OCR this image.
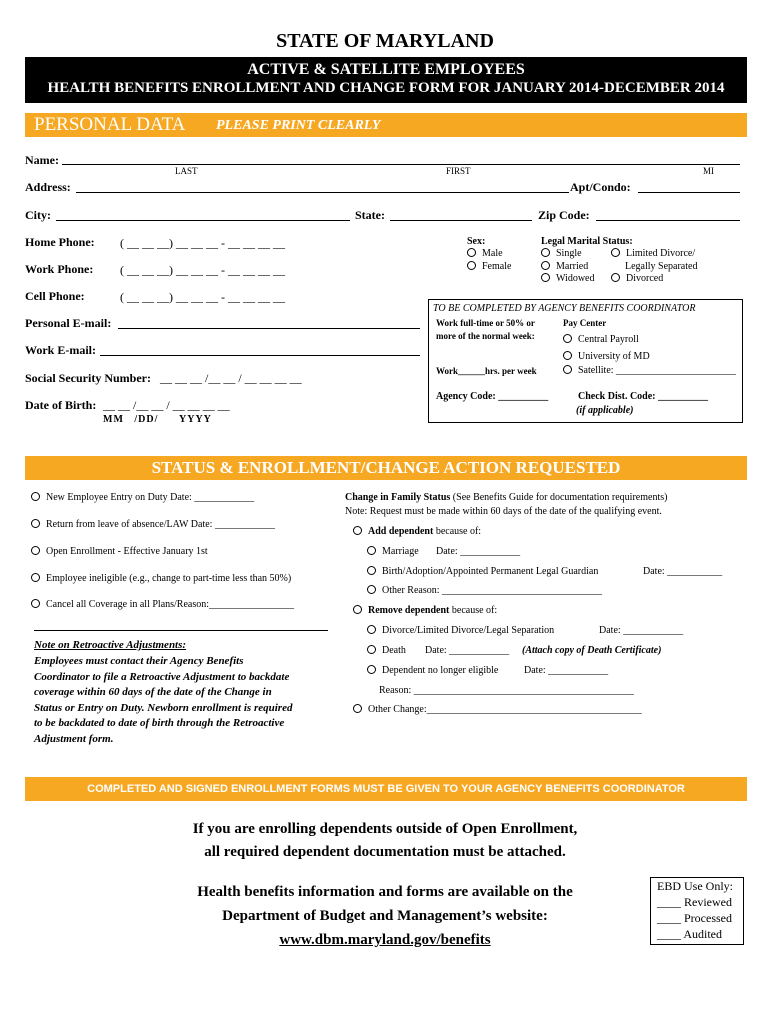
STATE OF MARYLAND
ACTIVE & SATELLITE EMPLOYEES
HEALTH BENEFITS ENROLLMENT AND CHANGE FORM FOR JANUARY 2014-DECEMBER 2014
PERSONAL DATA PLEASE PRINT CLEARLY
Name:
LAST	FIRST	MI
Address:	Apt/Condo:
City:	State:	Zip Code:
Home Phone: ( __ __ __) __ __ __ - __ __ __ __
Work Phone: ( __ __ __) __ __ __ - __ __ __ __
Cell Phone:	( __ __ __) __ __ __ - __ __ __ __
Sex:
Male
Female
Legal Marital Status:
Single
Married
Widowed
Limited Divorce/
Legally Separated
Divorced
Personal E-mail:
Work E-mail:
Social Security Number: __ __ __ /__ __ / __ __ __ __
Date of Birth: __ __ /__ __ / __ __ __ __
MM   /DD/      YYYY
TO BE COMPLETED BY AGENCY BENEFITS COORDINATOR
Work full-time or 50% or
more of the normal week:
Pay Center
Central Payroll
University of MD
Satellite: ________________________
Work______hrs. per week
Agency Code: __________	Check Dist. Code: __________
(if applicable)
STATUS & ENROLLMENT/CHANGE ACTION REQUESTED
New Employee Entry on Duty Date: ____________
Return from leave of absence/LAW Date: ____________
Open Enrollment - Effective January 1st
Employee ineligible (e.g., change to part-time less than 50%)
Cancel all Coverage in all Plans/Reason:_________________
Note on Retroactive Adjustments:
Employees must contact their Agency Benefits
Coordinator to file a Retroactive Adjustment to backdate
coverage within 60 days of the date of the Change in
Status or Entry on Duty. Newborn enrollment is required
to be backdated to date of birth through the Retroactive
Adjustment form.
Change in Family Status (See Benefits Guide for documentation requirements)
Note: Request must be made within 60 days of the date of the qualifying event.
Add dependent because of:
Marriage Date: ____________
Birth/Adoption/Appointed Permanent Legal Guardian	Date: ___________
Other Reason: ________________________________
Remove dependent because of:
Divorce/Limited Divorce/Legal Separation	Date: ____________
Death Date: ____________ (Attach copy of Death Certificate)
Dependent no longer eligible	Date: ____________
Reason: ____________________________________________
Other Change:___________________________________________
COMPLETED AND SIGNED ENROLLMENT FORMS MUST BE GIVEN TO YOUR AGENCY BENEFITS COORDINATOR
If you are enrolling dependents outside of Open Enrollment,
all required dependent documentation must be attached.
Health benefits information and forms are available on the
Department of Budget and Management’s website:
www.dbm.maryland.gov/benefits
EBD Use Only:
____ Reviewed
____ Processed
____ Audited
